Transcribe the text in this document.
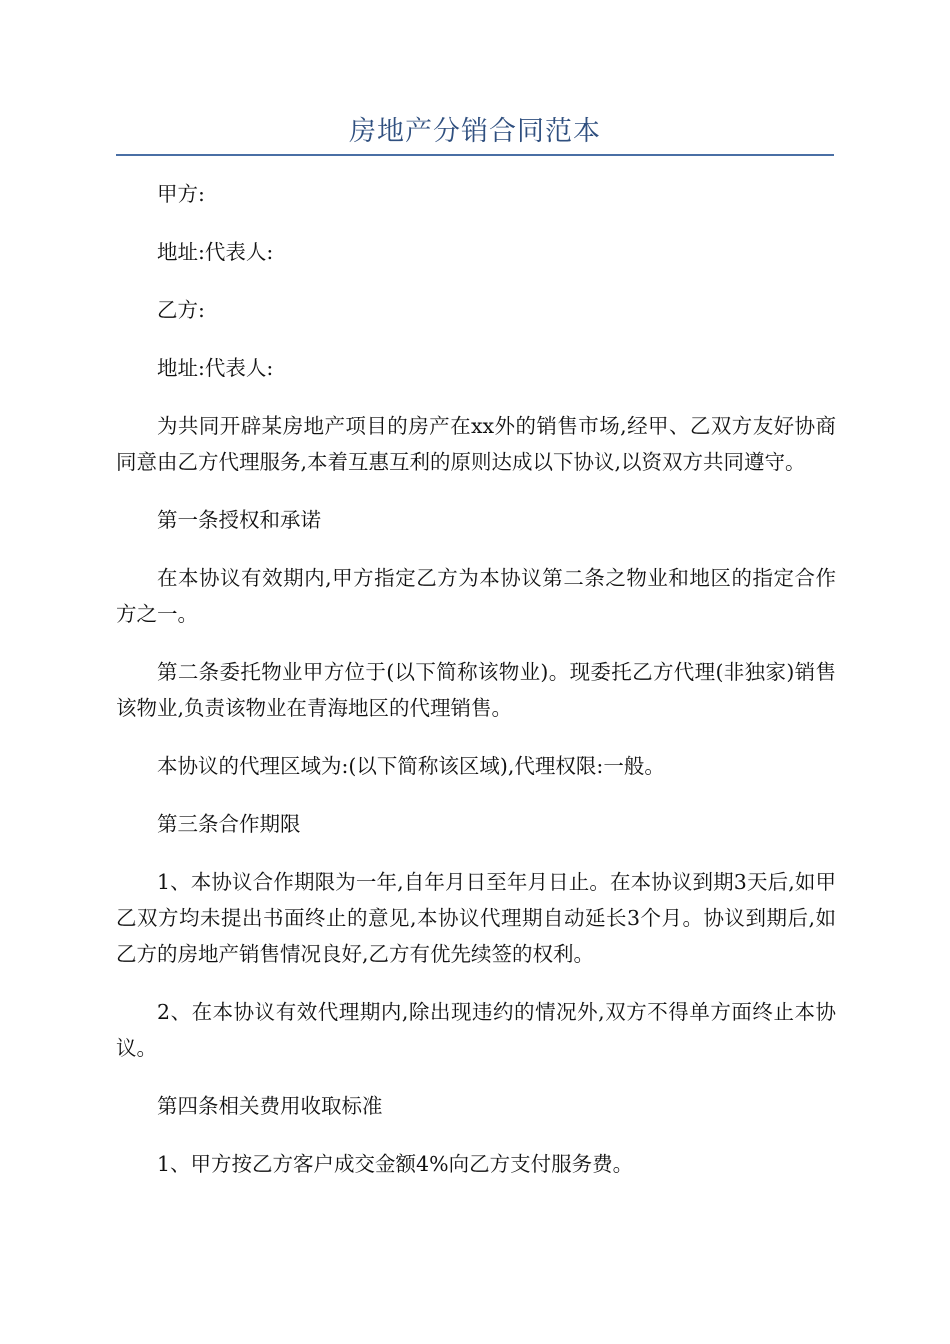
房地产分销合同范本

甲方:

地址:代表人:

乙方:

地址:代表人:

为共同开辟某房地产项目的房产在xx外的销售市场,经甲、乙双方友好协商同意由乙方代理服务,本着互惠互利的原则达成以下协议,以资双方共同遵守。

第一条授权和承诺

在本协议有效期内,甲方指定乙方为本协议第二条之物业和地区的指定合作方之一。

第二条委托物业甲方位于(以下简称该物业)。现委托乙方代理(非独家)销售该物业,负责该物业在青海地区的代理销售。

本协议的代理区域为:(以下简称该区域),代理权限:一般。

第三条合作期限

1、本协议合作期限为一年,自年月日至年月日止。在本协议到期3天后,如甲乙双方均未提出书面终止的意见,本协议代理期自动延长3个月。协议到期后,如乙方的房地产销售情况良好,乙方有优先续签的权利。

2、在本协议有效代理期内,除出现违约的情况外,双方不得单方面终止本协议。

第四条相关费用收取标准

1、甲方按乙方客户成交金额4%向乙方支付服务费。
